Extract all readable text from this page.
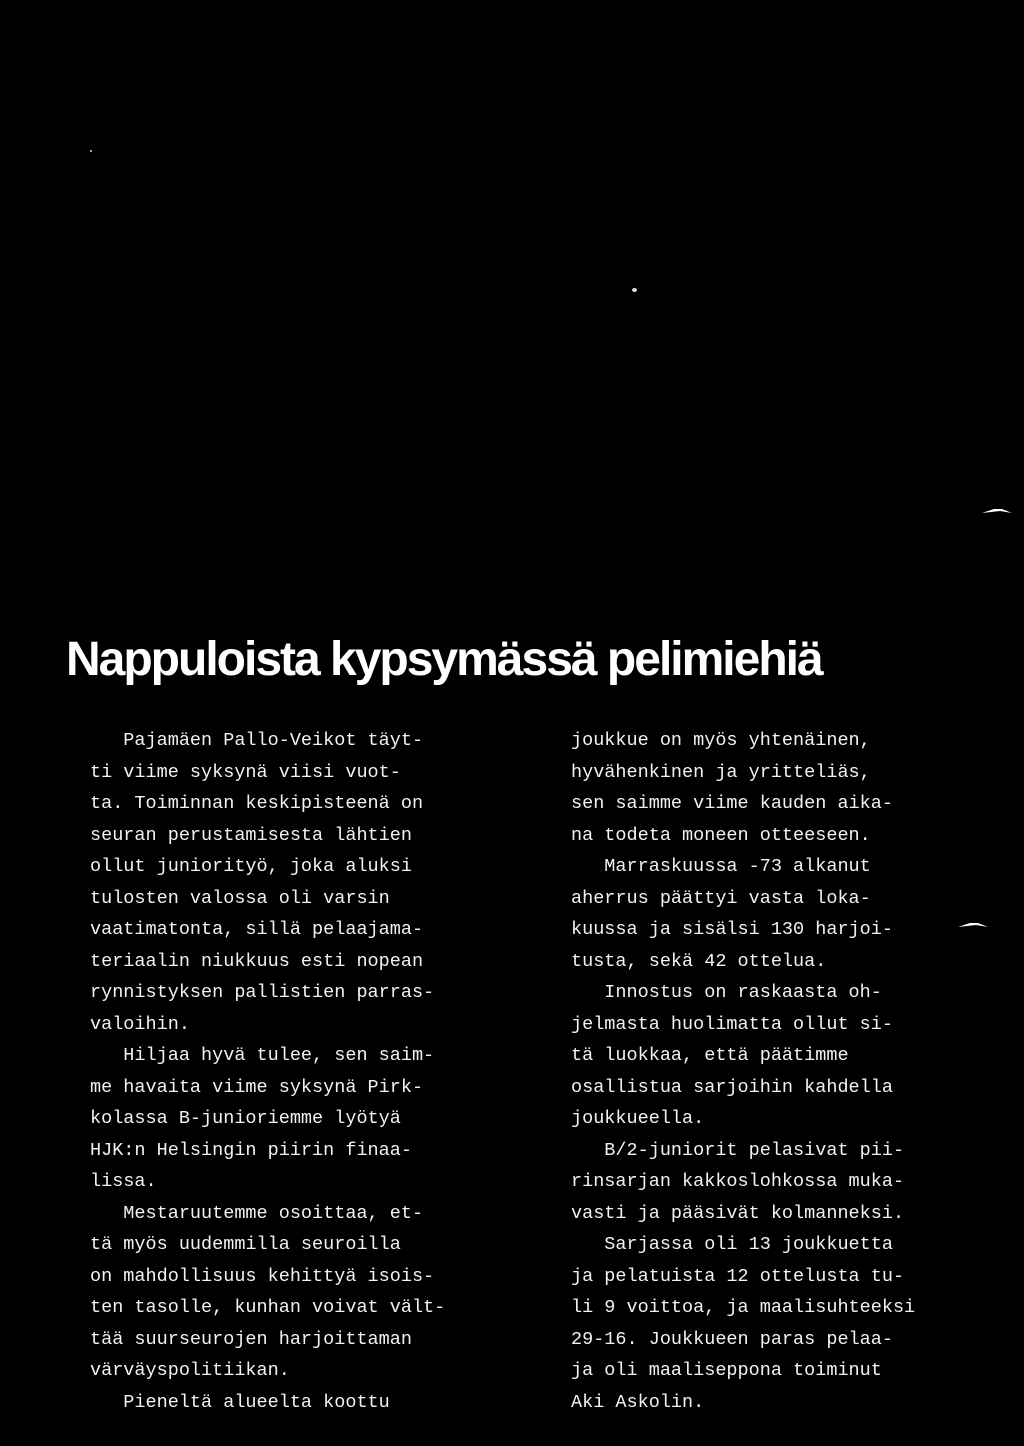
Nappuloista kypsymässä pelimiehiä
Pajamäen Pallo-Veikot täyt-
ti viime syksynä viisi vuot-
ta. Toiminnan keskipisteenä on
seuran perustamisesta lähtien
ollut juniorityö, joka aluksi
tulosten valossa oli varsin
vaatimatonta, sillä pelaajama-
teriaalin niukkuus esti nopean
rynnistyksen pallistien parras-
valoihin.
Hiljaa hyvä tulee, sen saim-
me havaita viime syksynä Pirk-
kolassa B-junioriemme lyötyä
HJK:n Helsingin piirin finaa-
lissa.
Mestaruutemme osoittaa, et-
tä myös uudemmilla seuroilla
on mahdollisuus kehittyä isois-
ten tasolle, kunhan voivat vält-
tää suurseurojen harjoittaman
värväyspolitiikan.
Pieneltä alueelta koottu
joukkue on myös yhtenäinen,
hyvähenkinen ja yritteliäs,
sen saimme viime kauden aika-
na todeta moneen otteeseen.
Marraskuussa -73 alkanut
aherrus päättyi vasta loka-
kuussa ja sisälsi 130 harjoi-
tusta, sekä 42 ottelua.
Innostus on raskaasta oh-
jelmasta huolimatta ollut si-
tä luokkaa, että päätimme
osallistua sarjoihin kahdella
joukkueella.
B/2-juniorit pelasivat pii-
rinsarjan kakkoslohkossa muka-
vasti ja pääsivät kolmanneksi.
Sarjassa oli 13 joukkuetta
ja pelatuista 12 ottelusta tu-
li 9 voittoa, ja maalisuhteeksi
29-16. Joukkueen paras pelaa-
ja oli maaliseppona toiminut
Aki Askolin.
